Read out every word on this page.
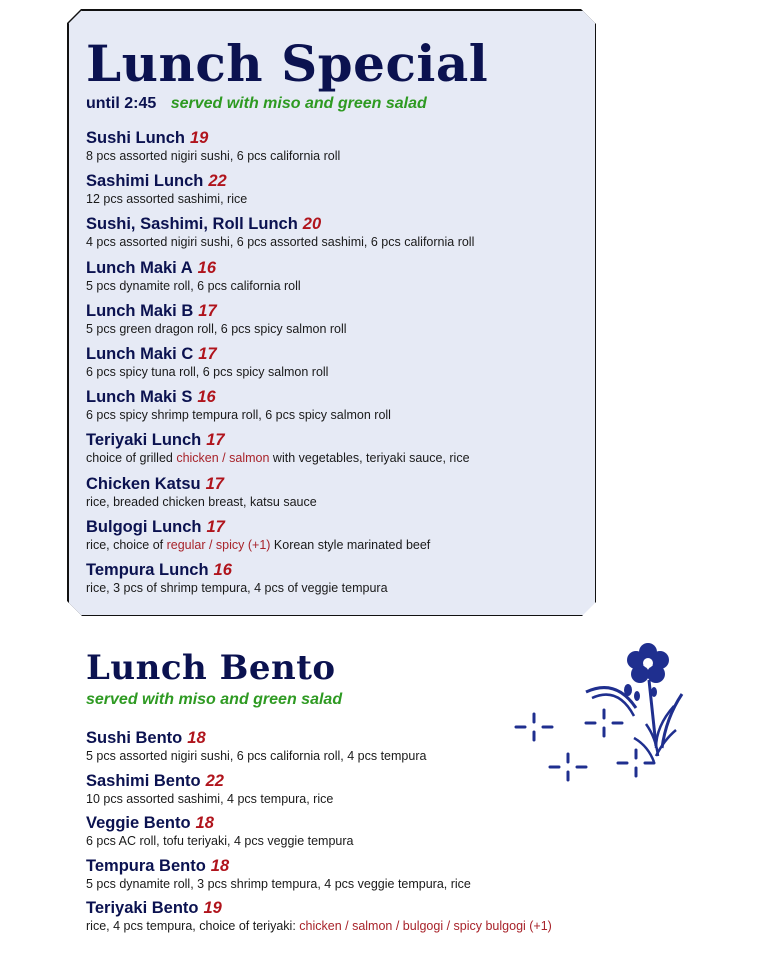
Lunch Special
until 2:45 served with miso and green salad
Sushi Lunch 19
8 pcs assorted nigiri sushi, 6 pcs california roll
Sashimi Lunch 22
12 pcs assorted sashimi, rice
Sushi, Sashimi, Roll Lunch 20
4 pcs assorted nigiri sushi, 6 pcs assorted sashimi, 6 pcs california roll
Lunch Maki A 16
5 pcs dynamite roll, 6 pcs california roll
Lunch Maki B 17
5 pcs green dragon roll, 6 pcs spicy salmon roll
Lunch Maki C 17
6 pcs spicy tuna roll, 6 pcs spicy salmon roll
Lunch Maki S 16
6 pcs spicy shrimp tempura roll, 6 pcs spicy salmon roll
Teriyaki Lunch 17
choice of grilled chicken / salmon with vegetables, teriyaki sauce, rice
Chicken Katsu 17
rice, breaded chicken breast, katsu sauce
Bulgogi Lunch 17
rice, choice of regular / spicy (+1) Korean style marinated beef
Tempura Lunch 16
rice, 3 pcs of shrimp tempura, 4 pcs of veggie tempura
Lunch Bento
served with miso and green salad
Sushi Bento 18
5 pcs assorted nigiri sushi, 6 pcs california roll, 4 pcs tempura
Sashimi Bento 22
10 pcs assorted sashimi, 4 pcs tempura, rice
Veggie Bento 18
6 pcs AC roll, tofu teriyaki, 4 pcs veggie tempura
Tempura Bento 18
5 pcs dynamite roll, 3 pcs shrimp tempura, 4 pcs veggie tempura, rice
Teriyaki Bento 19
rice, 4 pcs tempura, choice of teriyaki: chicken / salmon / bulgogi / spicy bulgogi (+1)
